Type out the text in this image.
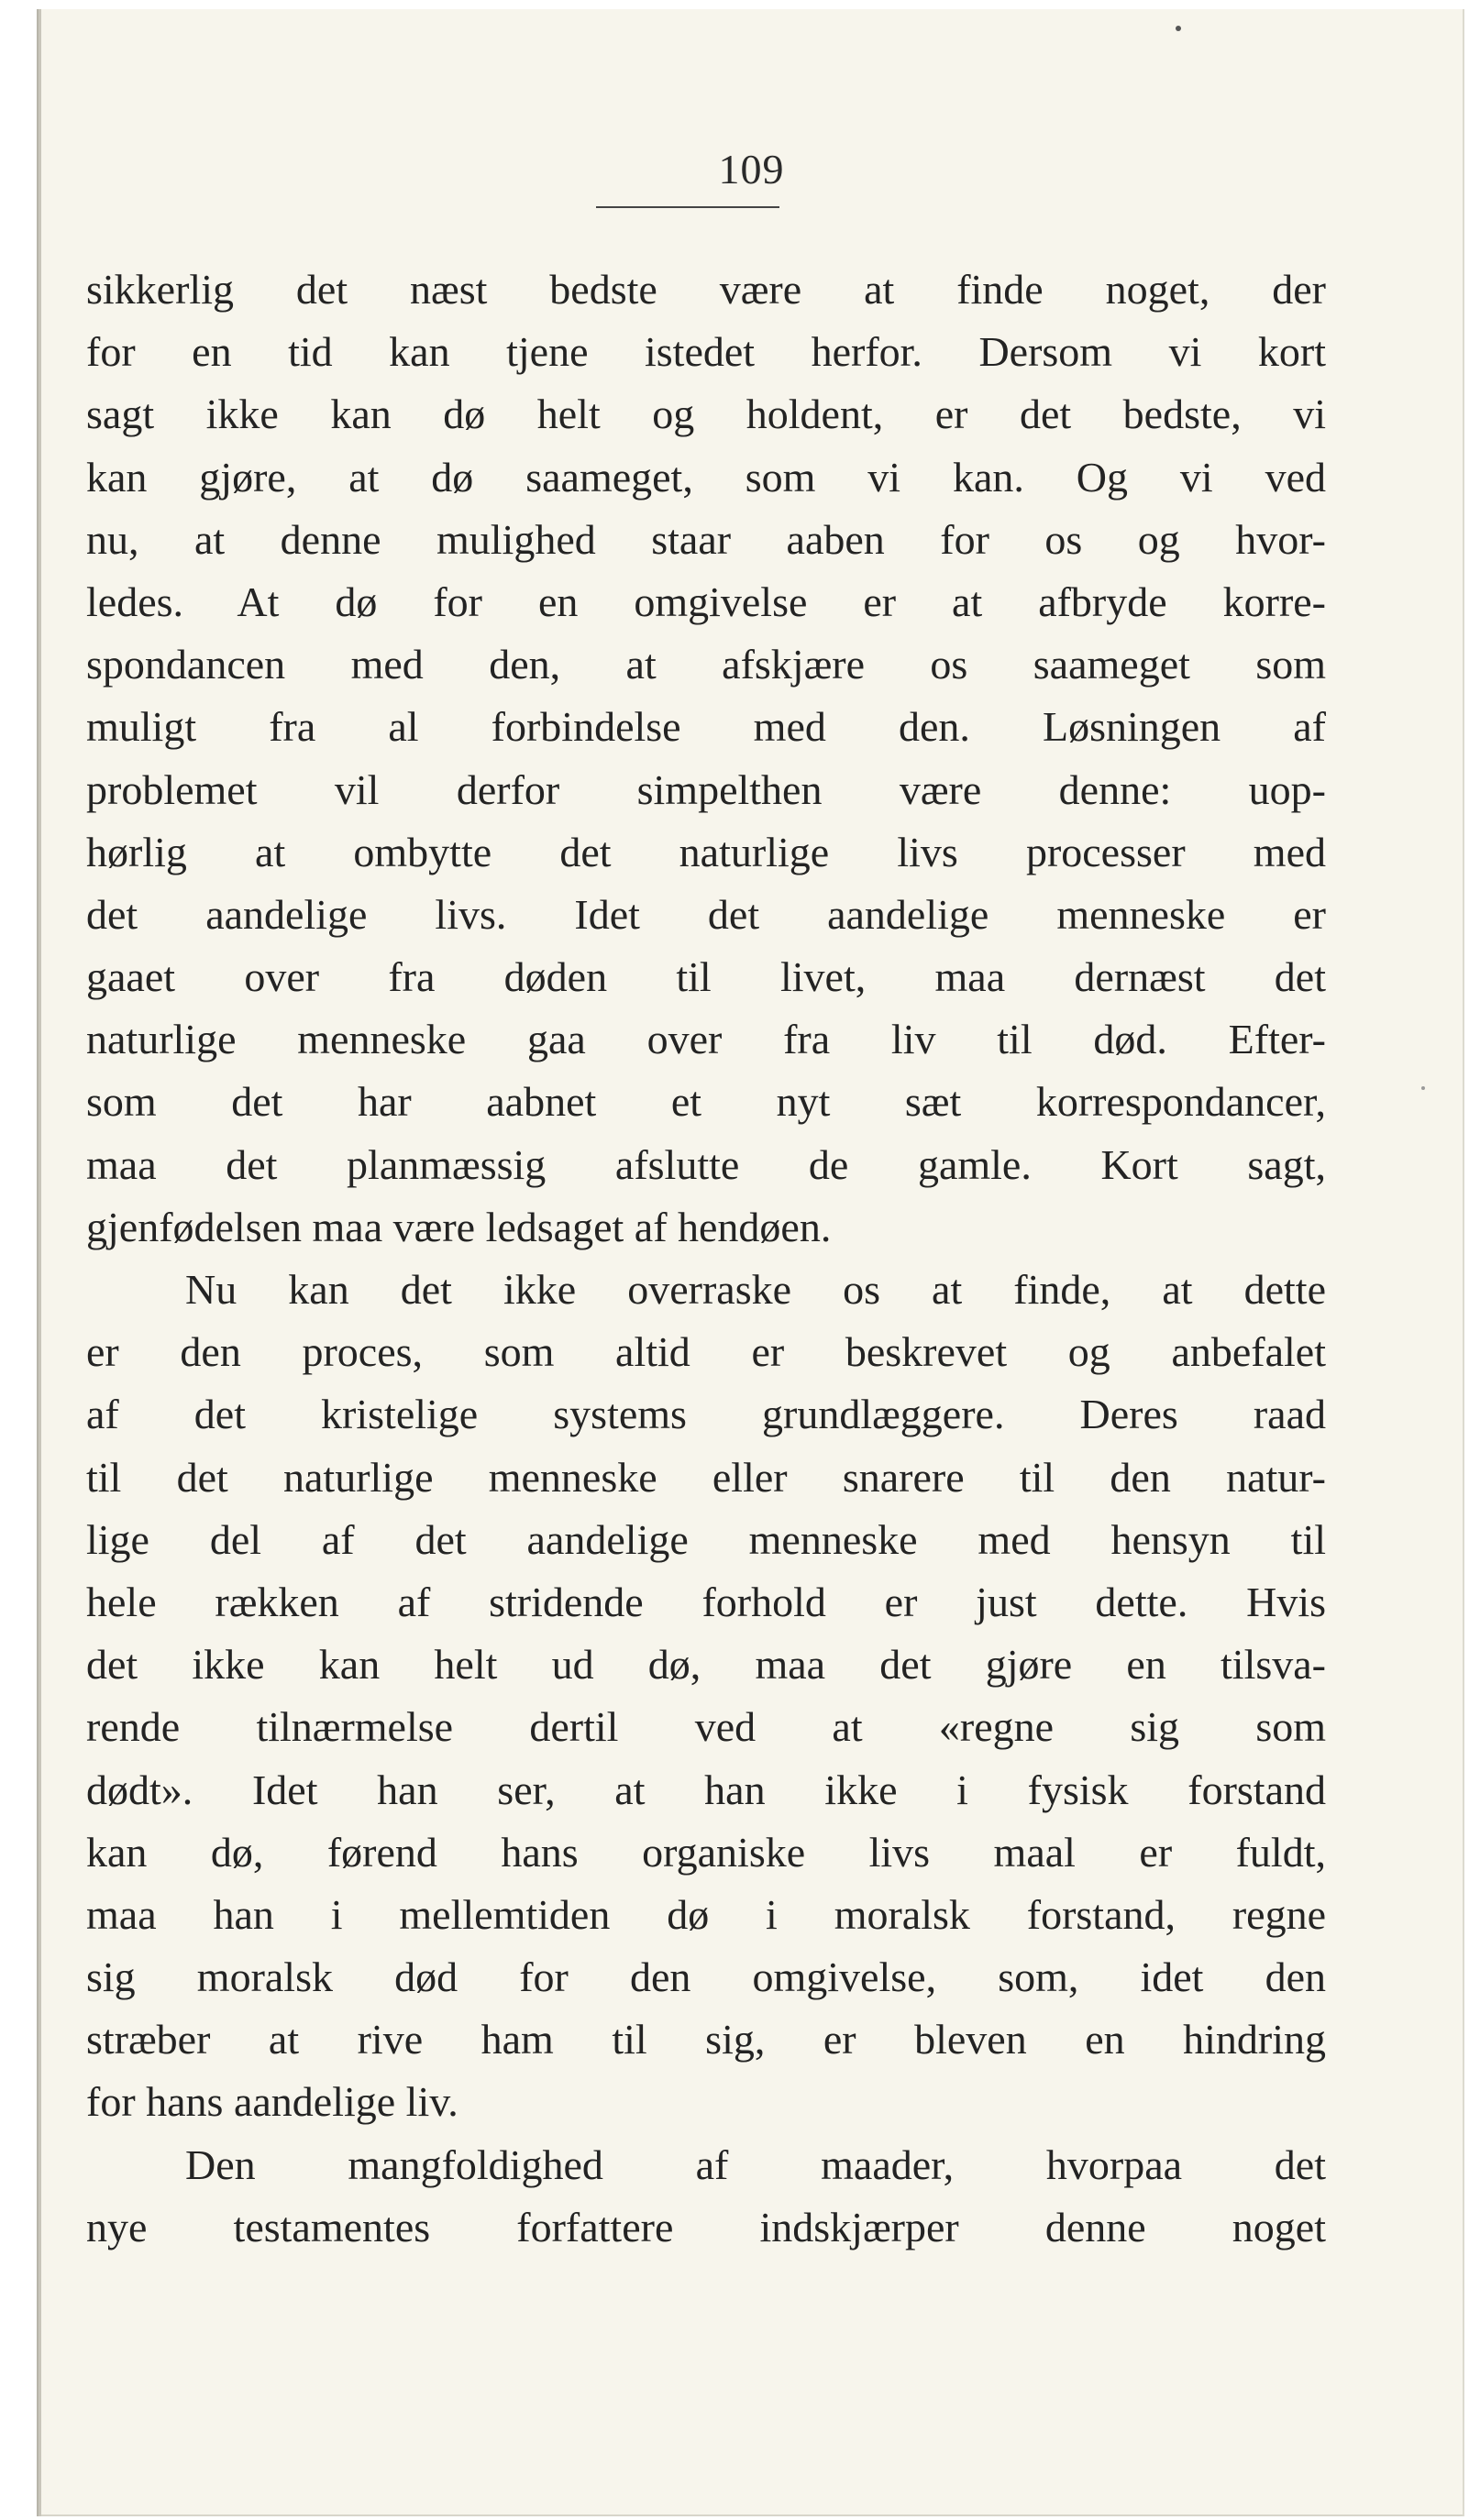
109
sikkerlig det næst bedste være at finde noget, der
for en tid kan tjene istedet herfor. Dersom vi kort
sagt ikke kan dø helt og holdent, er det bedste, vi
kan gjøre, at dø saameget, som vi kan. Og vi ved
nu, at denne mulighed staar aaben for os og hvor-
ledes. At dø for en omgivelse er at afbryde korre-
spondancen med den, at afskjære os saameget som
muligt fra al forbindelse med den. Løsningen af
problemet vil derfor simpelthen være denne: uop-
hørlig at ombytte det naturlige livs processer med
det aandelige livs. Idet det aandelige menneske er
gaaet over fra døden til livet, maa dernæst det
naturlige menneske gaa over fra liv til død. Efter-
som det har aabnet et nyt sæt korrespondancer,
maa det planmæssig afslutte de gamle. Kort sagt,
gjenfødelsen maa være ledsaget af hendøen.
Nu kan det ikke overraske os at finde, at dette
er den proces, som altid er beskrevet og anbefalet
af det kristelige systems grundlæggere. Deres raad
til det naturlige menneske eller snarere til den natur-
lige del af det aandelige menneske med hensyn til
hele rækken af stridende forhold er just dette. Hvis
det ikke kan helt ud dø, maa det gjøre en tilsva-
rende tilnærmelse dertil ved at «regne sig som
dødt». Idet han ser, at han ikke i fysisk forstand
kan dø, førend hans organiske livs maal er fuldt,
maa han i mellemtiden dø i moralsk forstand, regne
sig moralsk død for den omgivelse, som, idet den
stræber at rive ham til sig, er bleven en hindring
for hans aandelige liv.
Den mangfoldighed af maader, hvorpaa det
nye testamentes forfattere indskjærper denne noget
